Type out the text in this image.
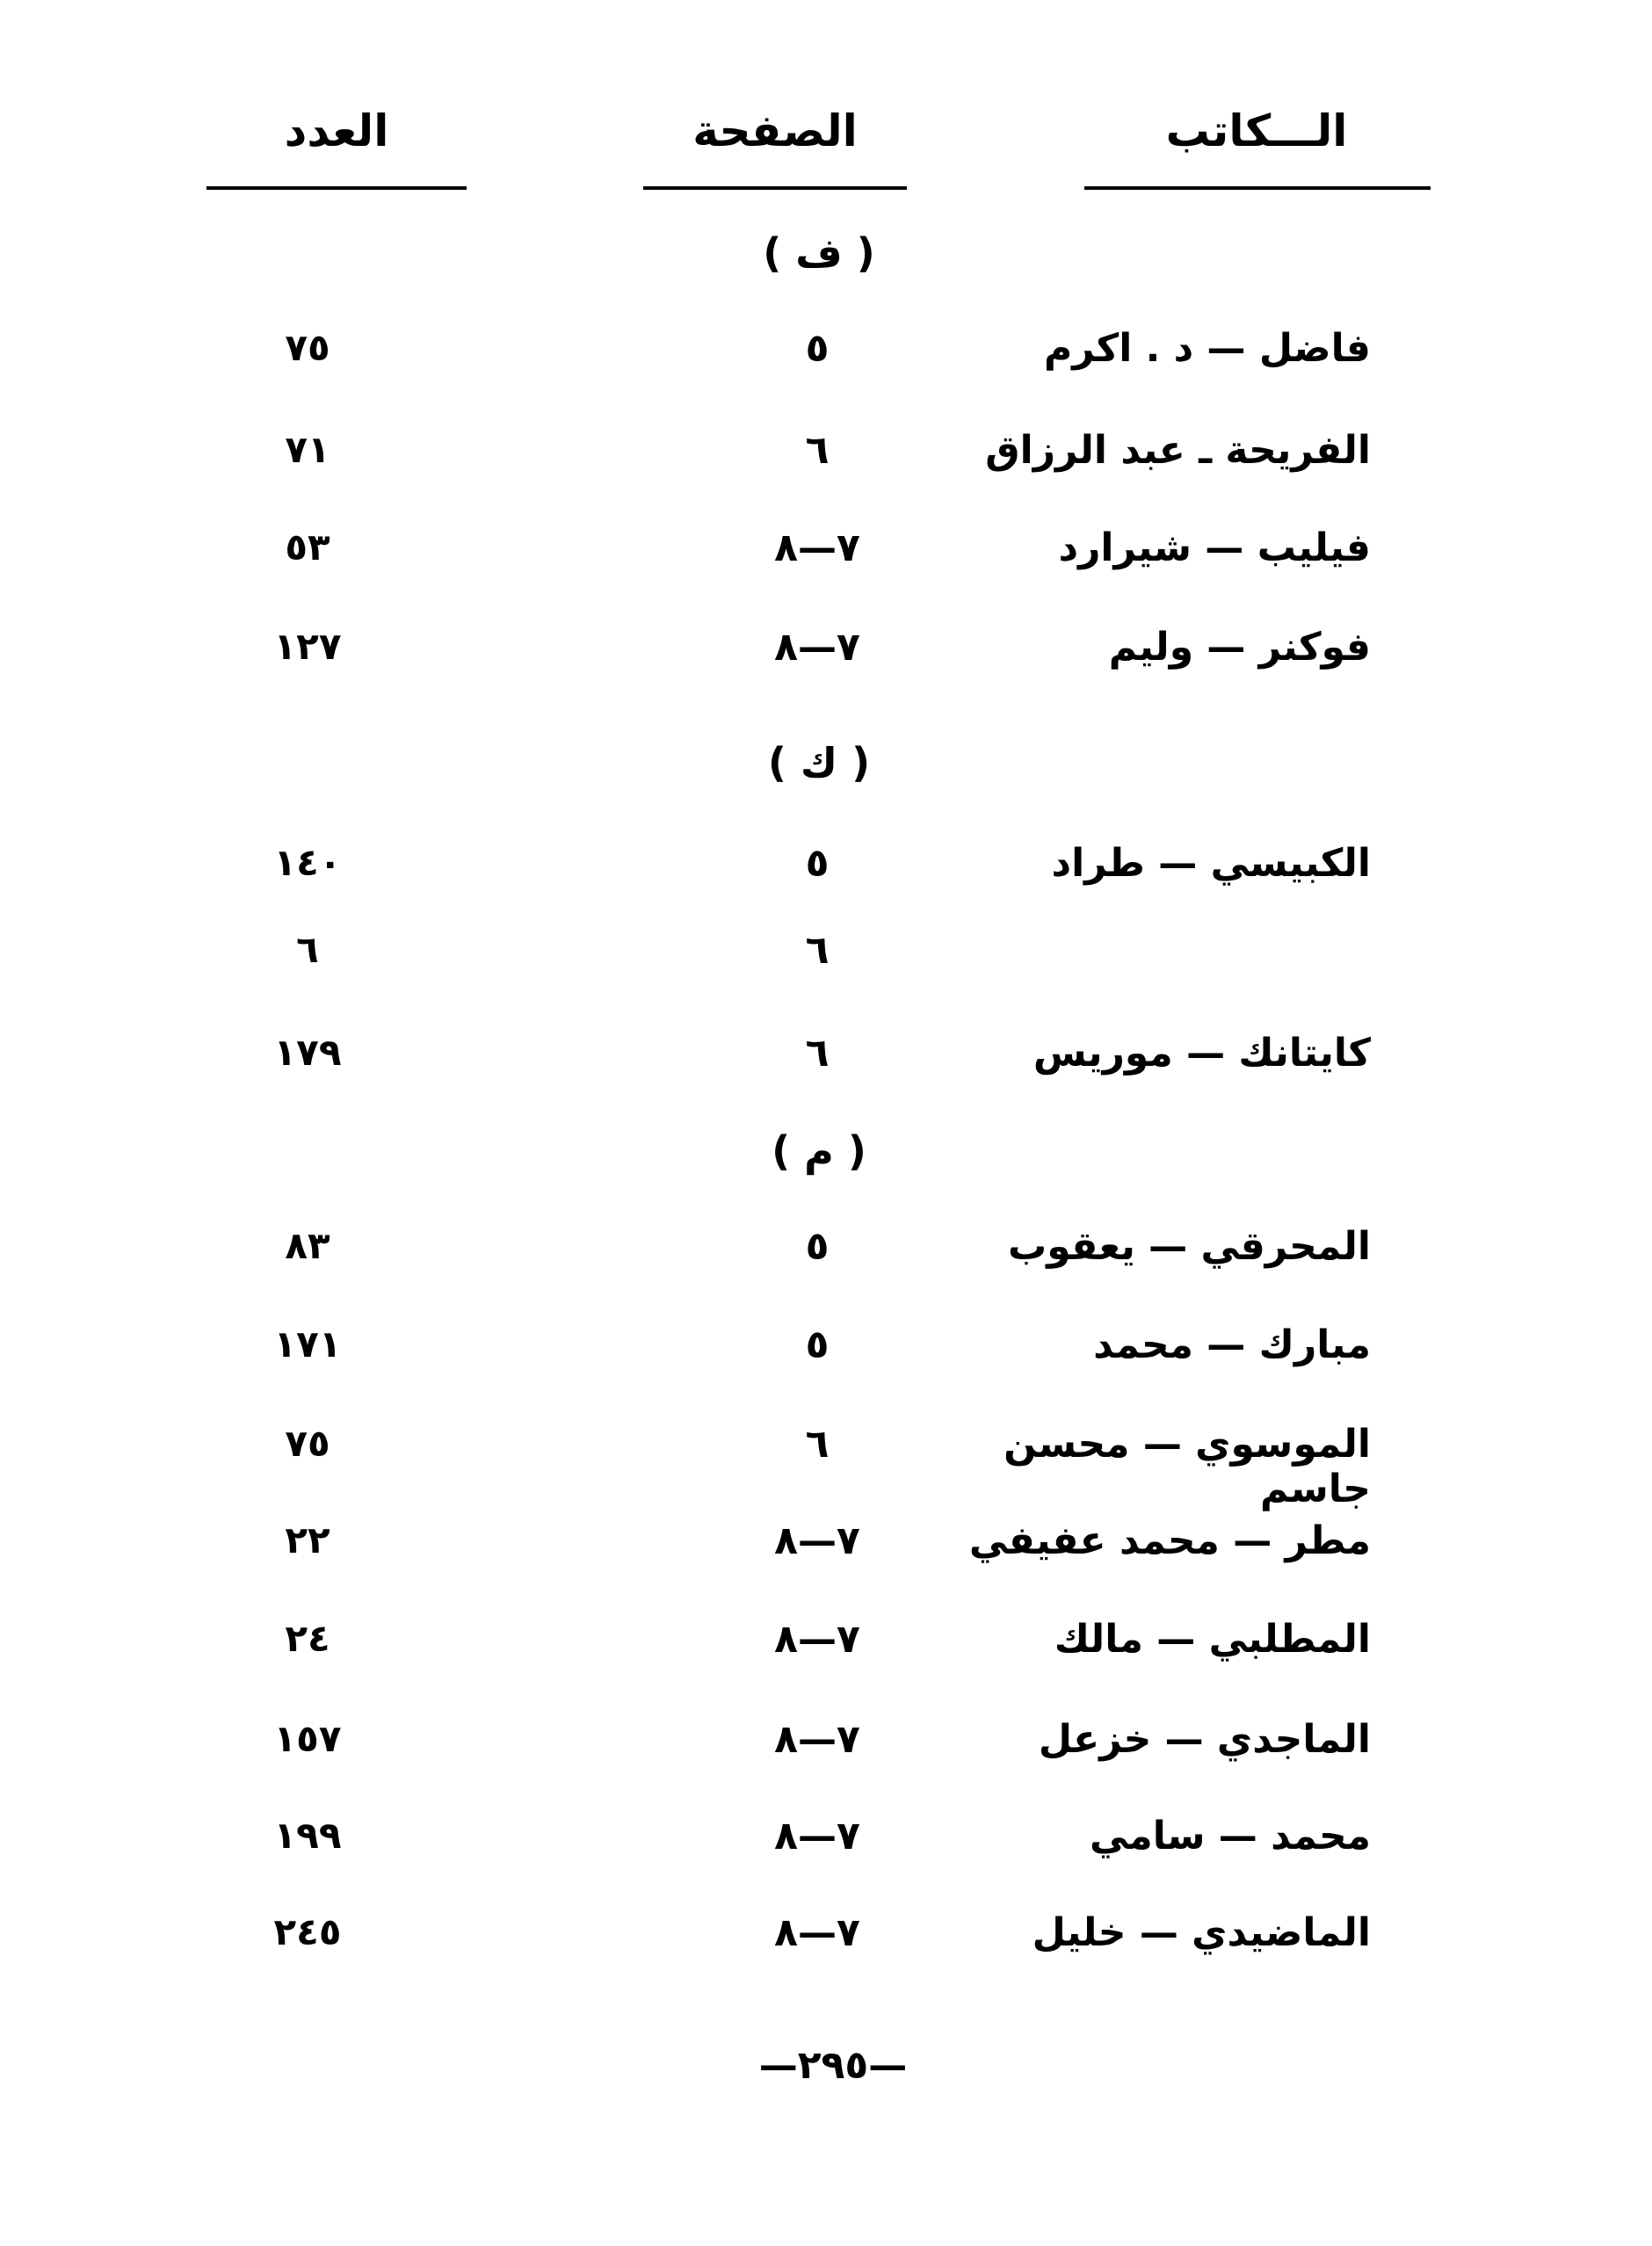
الـــكاتب
الصفحة
العدد
( ف )
فاضل — د . اكرم
٥
٧٥
الفريحة ـ عبد الرزاق
٦
٧١
فيليب — شيرارد
٧—٨
٥٣
فوكنر — وليم
٧—٨
١٢٧
( ك )
الكبيسي — طراد
٥
١٤٠
٦
٦
كايتانك — موريس
٦
١٧٩
( م )
المحرقي — يعقوب
٥
٨٣
مبارك — محمد
٥
١٧١
الموسوي — محسن جاسم
٦
٧٥
مطر — محمد عفيفي
٧—٨
٢٢
المطلبي — مالك
٧—٨
٢٤
الماجدي — خزعل
٧—٨
١٥٧
محمد — سامي
٧—٨
١٩٩
الماضيدي — خليل
٧—٨
٢٤٥
—٢٩٥—
